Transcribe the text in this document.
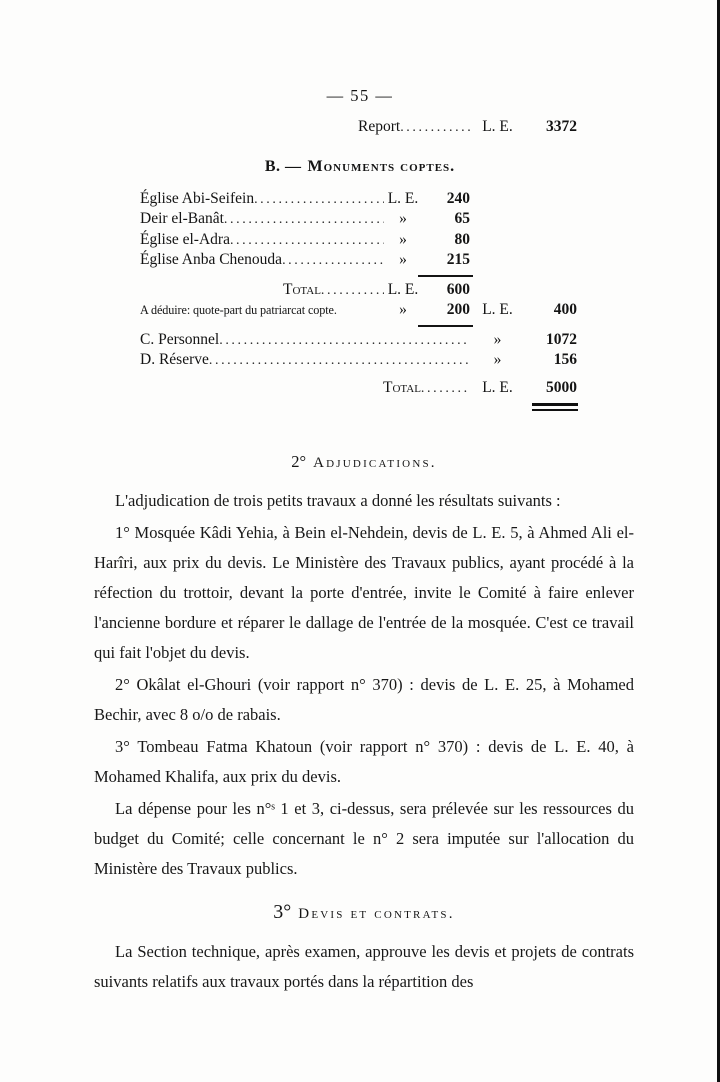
— 55 —
Report .....	L. E.	3372
B. — Monuments coptes.
Église Abi-Seifein .....	L. E.	240
Deir el-Banât .....	»	65
Église el-Adra .....	»	80
Église Anba Chenouda .....	»	215
Total .....	L. E.	600
A déduire: quote-part du patriarcat copte.	»	200 L. E.	400
C. Personnel .....	»	1072
D. Réserve .....	»	156
Total .....	L. E.	5000
2° Adjudications.

L'adjudication de trois petits travaux a donné les résultats suivants :

1° Mosquée Kâdi Yehia, à Bein el-Nehdein, devis de L. E. 5, à Ahmed Ali el-Harîri, aux prix du devis. Le Ministère des Travaux publics, ayant procédé à la réfection du trottoir, devant la porte d'entrée, invite le Comité à faire enlever l'ancienne bordure et réparer le dallage de l'entrée de la mosquée. C'est ce travail qui fait l'objet du devis.

2° Okâlat el-Ghouri (voir rapport n° 370) : devis de L. E. 25, à Mohamed Bechir, avec 8 o/o de rabais.

3° Tombeau Fatma Khatoun (voir rapport n° 370) : devis de L. E. 40, à Mohamed Khalifa, aux prix du devis.

La dépense pour les n°ˢ 1 et 3, ci-dessus, sera prélevée sur les ressources du budget du Comité; celle concernant le n° 2 sera imputée sur l'allocation du Ministère des Travaux publics.

3° Devis et contrats.

La Section technique, après examen, approuve les devis et projets de contrats suivants relatifs aux travaux portés dans la répartition des
